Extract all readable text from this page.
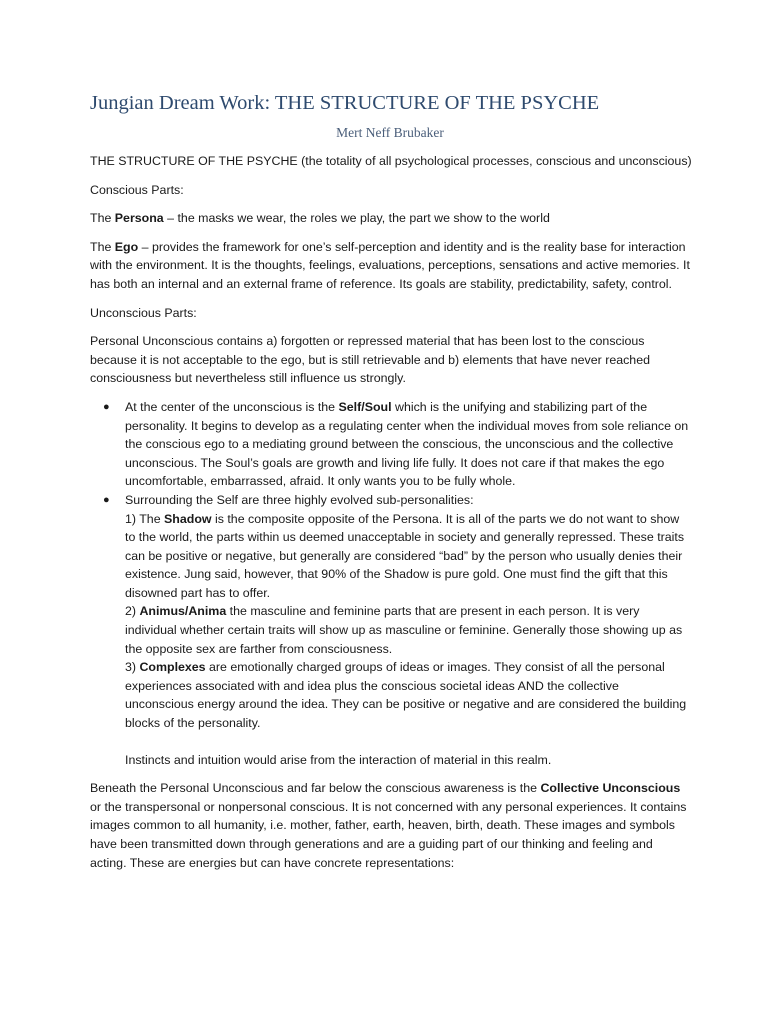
Jungian Dream Work: THE STRUCTURE OF THE PSYCHE
Mert Neff Brubaker

THE STRUCTURE OF THE PSYCHE (the totality of all psychological processes, conscious and unconscious)

Conscious Parts:

The Persona – the masks we wear, the roles we play, the part we show to the world

The Ego – provides the framework for one’s self-perception and identity and is the reality base for interaction with the environment. It is the thoughts, feelings, evaluations, perceptions, sensations and active memories. It has both an internal and an external frame of reference. Its goals are stability, predictability, safety, control.

Unconscious Parts:

Personal Unconscious contains a) forgotten or repressed material that has been lost to the conscious because it is not acceptable to the ego, but is still retrievable and b) elements that have never reached consciousness but nevertheless still influence us strongly.

● At the center of the unconscious is the Self/Soul which is the unifying and stabilizing part of the personality. It begins to develop as a regulating center when the individual moves from sole reliance on the conscious ego to a mediating ground between the conscious, the unconscious and the collective unconscious. The Soul’s goals are growth and living life fully. It does not care if that makes the ego uncomfortable, embarrassed, afraid. It only wants you to be fully whole.
● Surrounding the Self are three highly evolved sub-personalities:
1) The Shadow is the composite opposite of the Persona. It is all of the parts we do not want to show to the world, the parts within us deemed unacceptable in society and generally repressed. These traits can be positive or negative, but generally are considered “bad” by the person who usually denies their existence. Jung said, however, that 90% of the Shadow is pure gold. One must find the gift that this disowned part has to offer.
2) Animus/Anima the masculine and feminine parts that are present in each person. It is very individual whether certain traits will show up as masculine or feminine. Generally those showing up as the opposite sex are farther from consciousness.
3) Complexes are emotionally charged groups of ideas or images. They consist of all the personal experiences associated with and idea plus the conscious societal ideas AND the collective unconscious energy around the idea. They can be positive or negative and are considered the building blocks of the personality.

Instincts and intuition would arise from the interaction of material in this realm.

Beneath the Personal Unconscious and far below the conscious awareness is the Collective Unconscious or the transpersonal or nonpersonal conscious. It is not concerned with any personal experiences. It contains images common to all humanity, i.e. mother, father, earth, heaven, birth, death. These images and symbols have been transmitted down through generations and are a guiding part of our thinking and feeling and acting. These are energies but can have concrete representations:
